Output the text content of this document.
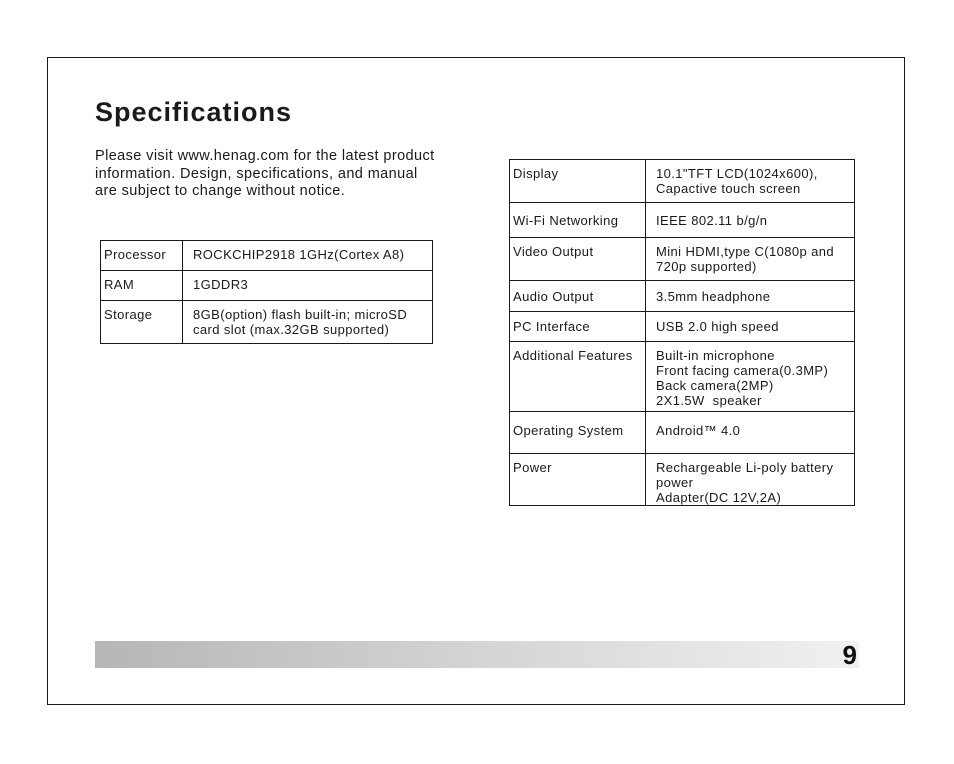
Specifications

Please visit www.henag.com for the latest product information. Design, specifications, and manual are subject to change without notice.

Processor	ROCKCHIP2918 1GHz(Cortex A8)

RAM	1GDDR3

Storage	8GB(option) flash built-in; microSD
card slot (max.32GB supported)
Display	10.1"TFT LCD(1024x600),
Capactive touch screen

Wi-Fi Networking	IEEE 802.11 b/g/n

Video Output	Mini HDMI,type C(1080p and
720p supported)

Audio Output	3.5mm headphone

PC Interface	USB 2.0 high speed

Additional Features	Built-in microphone
Front facing camera(0.3MP)
Back camera(2MP)
2X1.5W  speaker

Operating System	Android™ 4.0

Power	Rechargeable Li-poly battery
power
Adapter(DC 12V,2A)
9
